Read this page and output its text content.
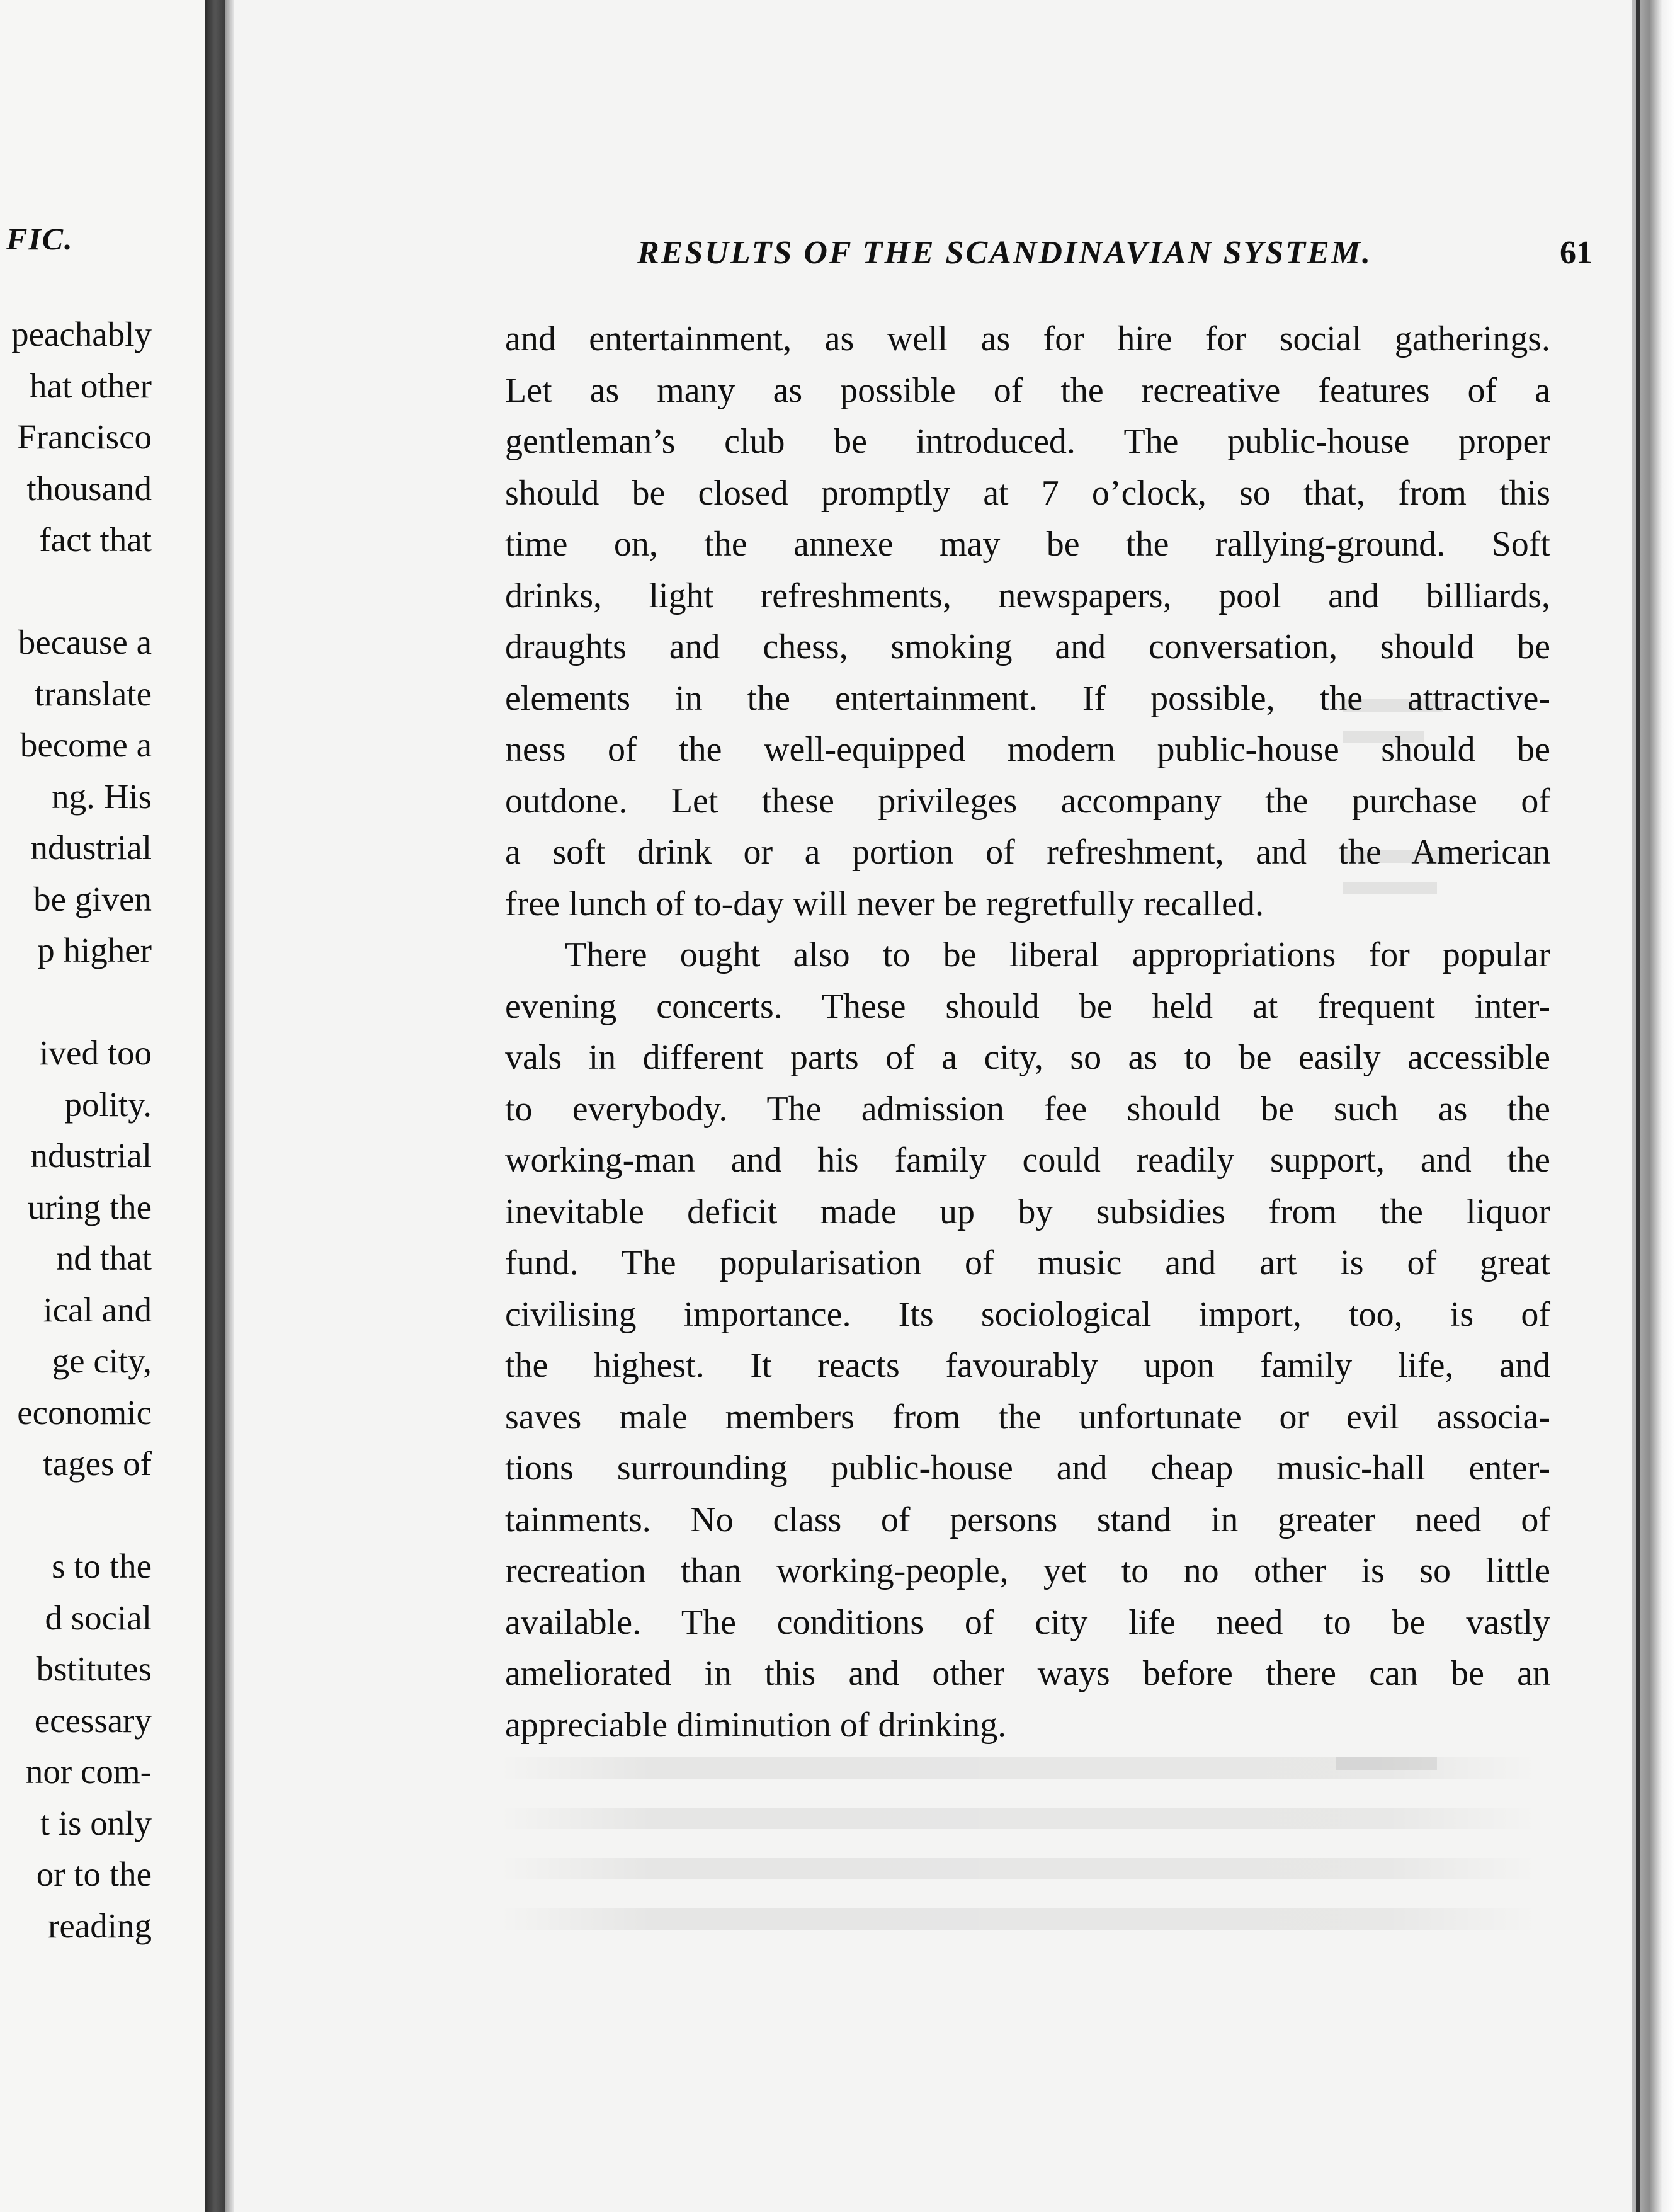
FIC.
peachably
hat other
Francisco
thousand
fact that
because a
translate
become a
ng. His
ndustrial
be given
p higher
ived too
polity.
ndustrial
uring the
nd that
ical and
ge city,
economic
tages of
s to the
d social
bstitutes
ecessary
nor com-
t is only
or to the
reading
RESULTS OF THE SCANDINAVIAN SYSTEM.	61
and entertainment, as well as for hire for social gatherings.
Let as many as possible of the recreative features of a
gentleman’s club be introduced. The public-house proper
should be closed promptly at 7 o’clock, so that, from this
time on, the annexe may be the rallying-ground. Soft
drinks, light refreshments, newspapers, pool and billiards,
draughts and chess, smoking and conversation, should be
elements in the entertainment. If possible, the attractive-
ness of the well-equipped modern public-house should be
outdone. Let these privileges accompany the purchase of
a soft drink or a portion of refreshment, and the American
free lunch of to-day will never be regretfully recalled.
There ought also to be liberal appropriations for popular
evening concerts. These should be held at frequent inter-
vals in different parts of a city, so as to be easily accessible
to everybody. The admission fee should be such as the
working-man and his family could readily support, and the
inevitable deficit made up by subsidies from the liquor
fund. The popularisation of music and art is of great
civilising importance. Its sociological import, too, is of
the highest. It reacts favourably upon family life, and
saves male members from the unfortunate or evil associa-
tions surrounding public-house and cheap music-hall enter-
tainments. No class of persons stand in greater need of
recreation than working-people, yet to no other is so little
available. The conditions of city life need to be vastly
ameliorated in this and other ways before there can be an
appreciable diminution of drinking.
